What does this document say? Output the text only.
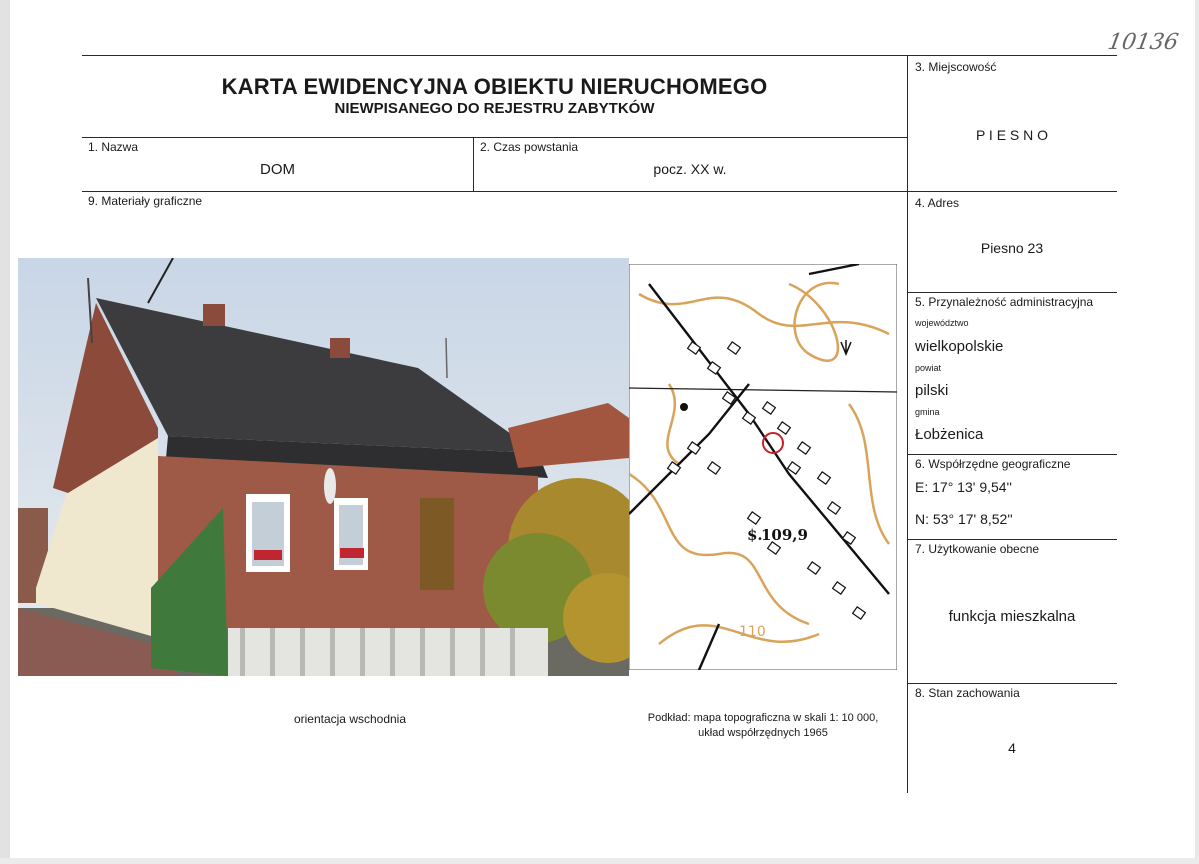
10136
KARTA EWIDENCYJNA OBIEKTU NIERUCHOMEGO
NIEWPISANEGO DO REJESTRU ZABYTKÓW
1. Nazwa
DOM
2. Czas powstania
pocz. XX w.
3. Miejscowość
P I E S N O
9. Materiały graficzne	4. Adres
Piesno 23
5. Przynależność administracyjna
województwo
wielkopolskie
powiat
pilski
gmina
Łobżenica
6. Współrzędne geograficzne
E: 17° 13' 9,54''
N: 53° 17' 8,52''
7. Użytkowanie obecne
funkcja mieszkalna
8. Stan zachowania
4
$.
109,9
110
orientacja wschodnia	Podkład: mapa topograficzna w skali 1: 10 000,
układ współrzędnych 1965
